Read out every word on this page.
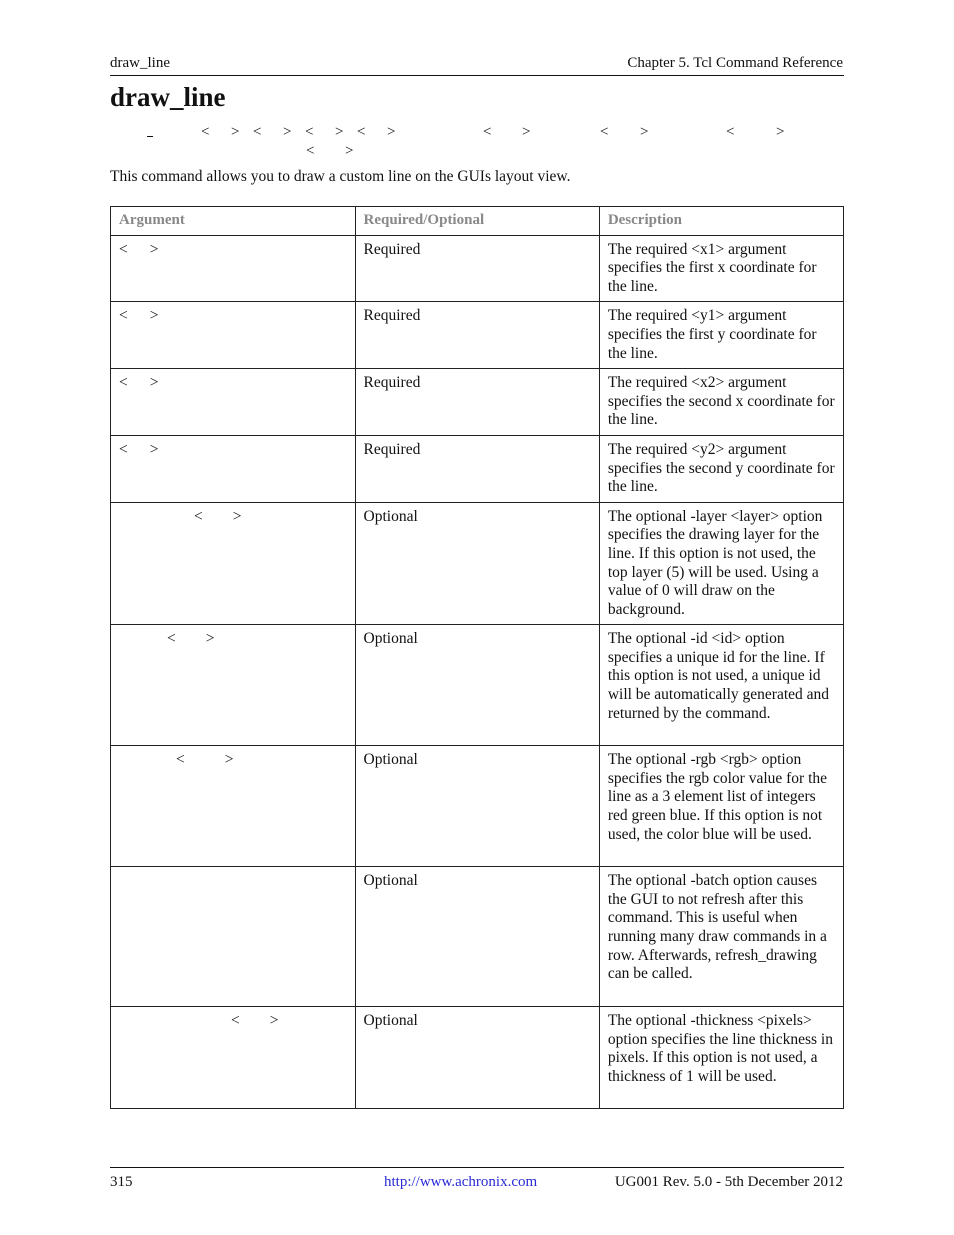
draw_line	Chapter 5. Tcl Command Reference
draw_line
< > < > < > < >	< >	< >	<	>
< >
This command allows you to draw a custom line on the GUIs layout view.
Argument	Required/Optional	Description
< >	Required	The required <x1> argument specifies the first x coordinate for the line.
< >	Required	The required <y1> argument specifies the first y coordinate for the line.
< >	Required	The required <x2> argument specifies the second x coordinate for the line.
< >	Required	The required <y2> argument specifies the second y coordinate for the line.
< >	Optional	The optional -layer <layer> option specifies the drawing layer for the line. If this option is not used, the top layer (5) will be used. Using a value of 0 will draw on the background.
< >	Optional	The optional -id <id> option specifies a unique id for the line. If this option is not used, a unique id will be automatically generated and returned by the command.
< >	Optional	The optional -rgb <rgb> option specifies the rgb color value for the line as a 3 element list of integers red green blue. If this option is not used, the color blue will be used.
	Optional	The optional -batch option causes the GUI to not refresh after this command. This is useful when running many draw commands in a row. Afterwards, refresh_drawing can be called.
< >	Optional	The optional -thickness <pixels> option specifies the line thickness in pixels. If this option is not used, a thickness of 1 will be used.
315	http://www.achronix.com	UG001 Rev. 5.0 - 5th December 2012
